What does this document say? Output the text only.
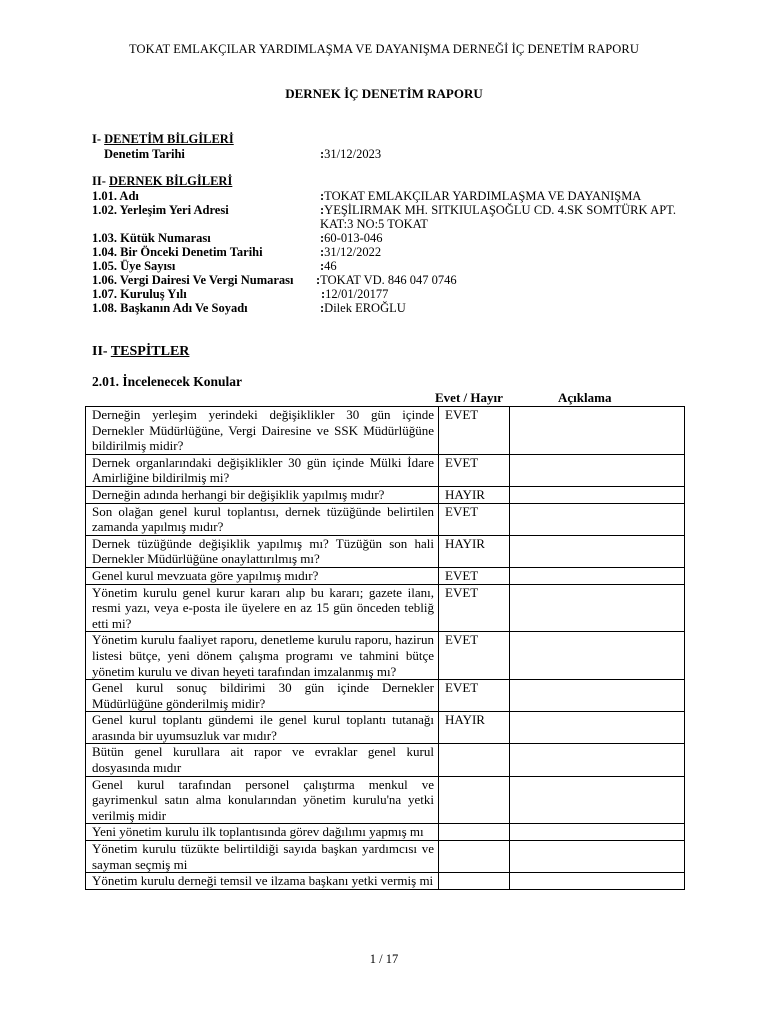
TOKAT EMLAKÇILAR YARDIMLAŞMA VE DAYANIŞMA DERNEĞİ İÇ DENETİM RAPORU
DERNEK İÇ DENETİM RAPORU
I- DENETİM BİLGİLERİ
Denetim Tarihi	:31/12/2023
II- DERNEK BİLGİLERİ
1.01. Adı	:TOKAT EMLAKÇILAR YARDIMLAŞMA VE DAYANIŞMA
1.02. Yerleşim Yeri Adresi	:YEŞİLIRMAK MH. SITKIULAŞOĞLU CD. 4.SK SOMTÜRK APT. KAT:3 NO:5 TOKAT
1.03. Kütük Numarası	:60-013-046
1.04. Bir Önceki Denetim Tarihi	:31/12/2022
1.05. Üye Sayısı	:46
1.06. Vergi Dairesi Ve Vergi Numarası :TOKAT VD. 846 047 0746
1.07. Kuruluş Yılı	:12/01/20177
1.08. Başkanın Adı Ve Soyadı	:Dilek EROĞLU
II- TESPİTLER
2.01. İncelenecek Konular
Evet / Hayır	Açıklama
Derneğin yerleşim yerindeki değişiklikler 30 gün içinde Dernekler Müdürlüğüne, Vergi Dairesine ve SSK Müdürlüğüne bildirilmiş midir?	EVET	
Dernek organlarındaki değişiklikler 30 gün içinde Mülki İdare Amirliğine bildirilmiş mi?	EVET	
Derneğin adında herhangi bir değişiklik yapılmış mıdır?	HAYIR	
Son olağan genel kurul toplantısı, dernek tüzüğünde belirtilen zamanda yapılmış mıdır?	EVET	
Dernek tüzüğünde değişiklik yapılmış mı? Tüzüğün son hali Dernekler Müdürlüğüne onaylattırılmış mı?	HAYIR	
Genel kurul mevzuata göre yapılmış mıdır?	EVET	
Yönetim kurulu genel kurur kararı alıp bu kararı; gazete ilanı, resmi yazı, veya e-posta ile üyelere en az 15 gün önceden tebliğ etti mi?	EVET	
Yönetim kurulu faaliyet raporu, denetleme kurulu raporu, hazirun listesi bütçe, yeni dönem çalışma programı ve tahmini bütçe yönetim kurulu ve divan heyeti tarafından imzalanmış mı?	EVET	
Genel kurul sonuç bildirimi 30 gün içinde Dernekler Müdürlüğüne gönderilmiş midir?	EVET	
Genel kurul toplantı gündemi ile genel kurul toplantı tutanağı arasında bir uyumsuzluk var mıdır?	HAYIR	
Bütün genel kurullara ait rapor ve evraklar genel kurul dosyasında mıdır		
Genel kurul tarafından personel çalıştırma menkul ve gayrimenkul satın alma konularından yönetim kurulu'na yetki verilmiş midir		
Yeni yönetim kurulu ilk toplantısında görev dağılımı yapmış mı		
Yönetim kurulu tüzükte belirtildiği sayıda başkan yardımcısı ve sayman seçmiş mi		
Yönetim kurulu derneği temsil ve ilzama başkanı yetki vermiş mi		
1 / 17
